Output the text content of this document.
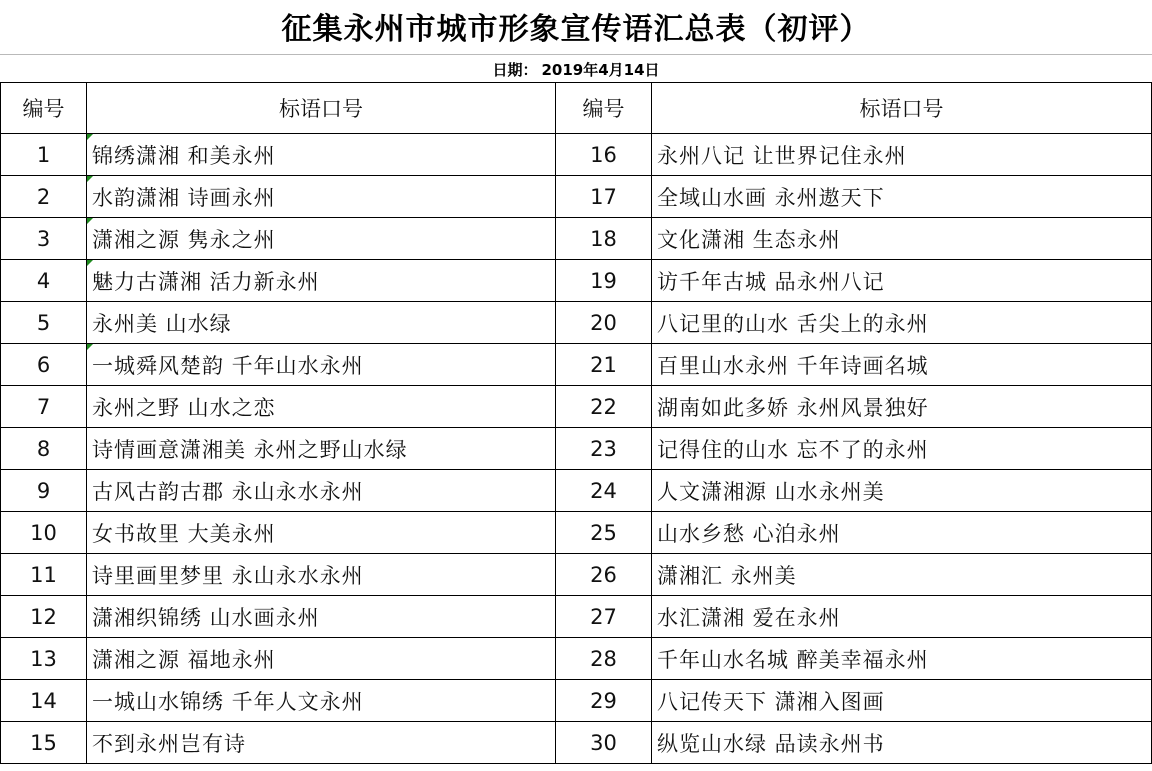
征集永州市城市形象宣传语汇总表（初评）
日期： 2019年4月14日
编号	标语口号	编号	标语口号
1	锦绣潇湘 和美永州	16	永州八记 让世界记住永州
2	水韵潇湘 诗画永州	17	全域山水画 永州遨天下
3	潇湘之源 隽永之州	18	文化潇湘 生态永州
4	魅力古潇湘 活力新永州	19	访千年古城 品永州八记
5	永州美 山水绿	20	八记里的山水 舌尖上的永州
6	一城舜风楚韵 千年山水永州	21	百里山水永州 千年诗画名城
7	永州之野 山水之恋	22	湖南如此多娇 永州风景独好
8	诗情画意潇湘美 永州之野山水绿	23	记得住的山水 忘不了的永州
9	古风古韵古郡 永山永水永州	24	人文潇湘源 山水永州美
10	女书故里 大美永州	25	山水乡愁 心泊永州
11	诗里画里梦里 永山永水永州	26	潇湘汇 永州美
12	潇湘织锦绣 山水画永州	27	水汇潇湘 爱在永州
13	潇湘之源 福地永州	28	千年山水名城 醉美幸福永州
14	一城山水锦绣 千年人文永州	29	八记传天下 潇湘入图画
15	不到永州岂有诗	30	纵览山水绿 品读永州书
